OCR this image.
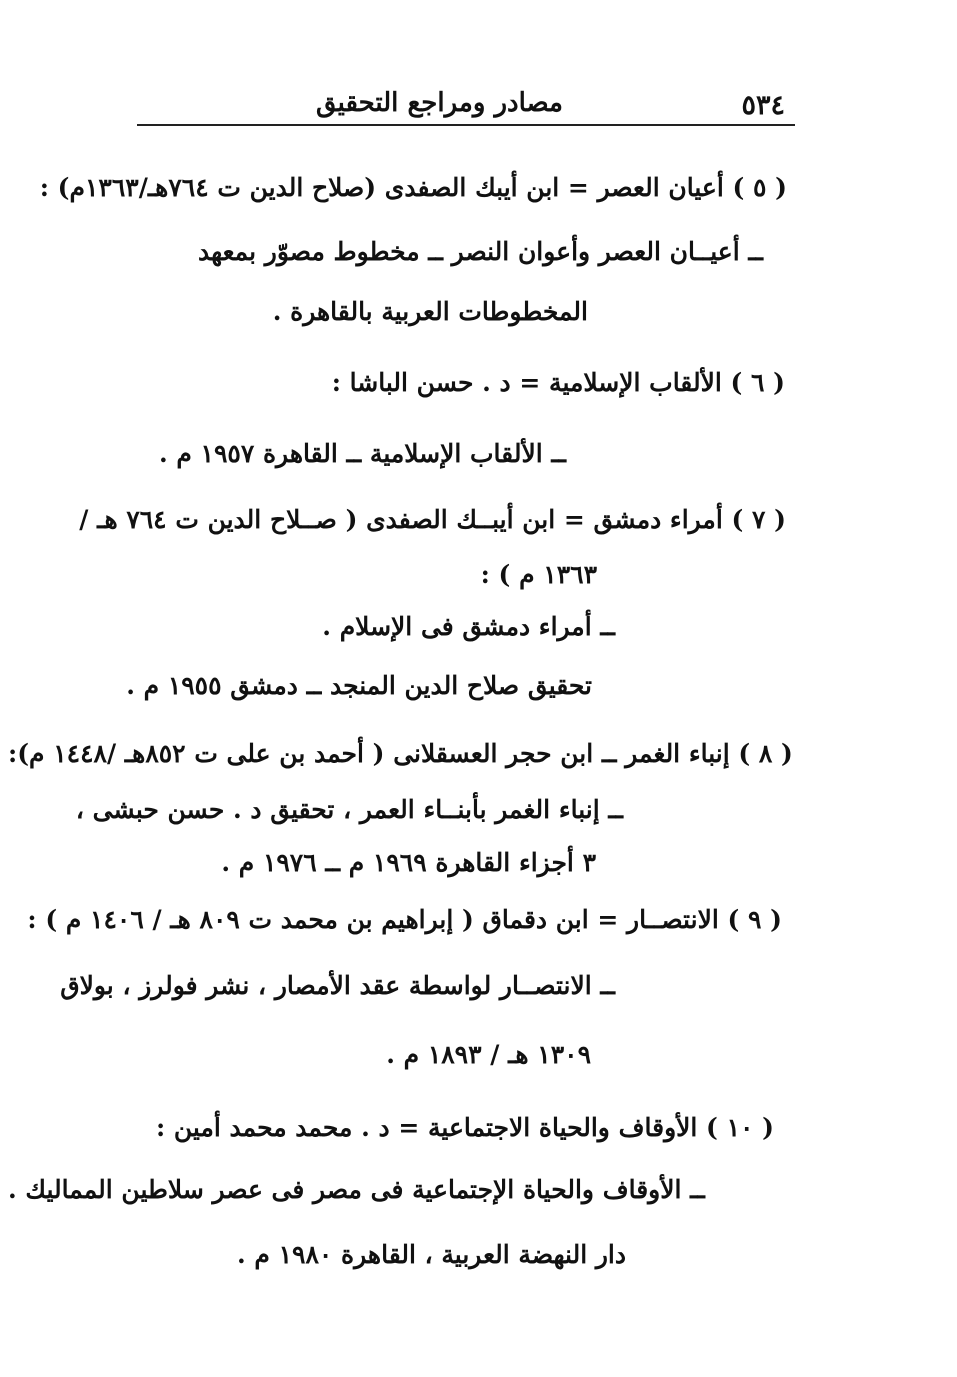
٥٣٤
مصادر ومراجع التحقيق
( ٥ ) أعيان العصر = ابن أيبك الصفدى (صلاح الدين ت ٧٦٤هـ/١٣٦٣م) :
ــ أعيــان العصر وأعوان النصر ــ مخطوط مصوّر بمعهد
المخطوطات العربية بالقاهرة .
( ٦ ) الألقاب الإسلامية = د . حسن الباشا :
ــ الألقاب الإسلامية ــ القاهرة ١٩٥٧ م .
( ٧ ) أمراء دمشق = ابن أيبــك الصفدى ( صــلاح الدين ت ٧٦٤ هـ /
١٣٦٣ م ) :
ــ أمراء دمشق فى الإسلام .
تحقيق صلاح الدين المنجد ــ دمشق ١٩٥٥ م .
( ٨ ) إنباء الغمر ــ ابن حجر العسقلانى ( أحمد بن على ت ٨٥٢هـ /١٤٤٨ م):
ــ إنباء الغمر بأبنــاء العمر ، تحقيق د . حسن حبشى ،
٣ أجزاء القاهرة ١٩٦٩ م ــ ١٩٧٦ م .
( ٩ ) الانتصــار = ابن دقماق ( إبراهيم بن محمد ت ٨٠٩ هـ / ١٤٠٦ م ) :
ــ الانتصــار لواسطة عقد الأمصار ، نشر فولرز ، بولاق
١٣٠٩ هـ / ١٨٩٣ م .
( ١٠ ) الأوقاف والحياة الاجتماعية = د . محمد محمد أمين :
ــ الأوقاف والحياة الإجتماعية فى مصر فى عصر سلاطين المماليك .
دار النهضة العربية ، القاهرة ١٩٨٠ م .
